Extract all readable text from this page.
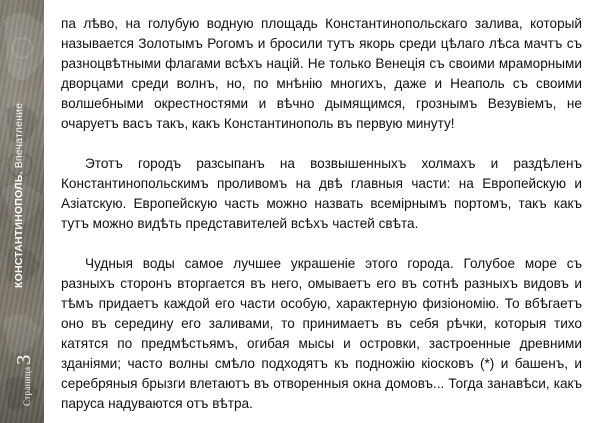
КОНСТАНТИНОПОЛЬ. Впечатление
Страница3

па лѣво, на голубую водную площадь Константинопольскаго залива, который называется Золотымъ Рогомъ и бросили тутъ якорь среди цѣлаго лѣса мачтъ съ разноцвѣтными флагами всѣхъ націй. Не только Венеція съ своими мраморными дворцами среди волнъ, но, по мнѣнію многихъ, даже и Неаполь съ своими волшебными окрестностями и вѣчно дымящимся, грознымъ Везувіемъ, не очаруетъ васъ такъ, какъ Константинополь въ первую минуту!

Этотъ городъ разсыпанъ на возвышенныхъ холмахъ и раздѣленъ Константинопольскимъ проливомъ на двѣ главныя части: на Европейскую и Азіатскую. Европейскую часть можно назвать всемірнымъ портомъ, такъ какъ тутъ можно видѣть представителей всѣхъ частей свѣта.

Чудныя воды самое лучшее украшеніе этого города. Голубое море съ разныхъ сторонъ вторгается въ него, омываетъ его въ сотнѣ разныхъ видовъ и тѣмъ придаетъ каждой его части особую, характерную физіономію. То вбѣгаетъ оно въ середину его заливами, то принимаетъ въ себя рѣчки, которыя тихо катятся по предмѣстьямъ, огибая мысы и островки, застроенные древними зданіями; часто волны смѣло подходятъ къ подножію кіосковъ (*) и башенъ, и серебряныя брызги влетаютъ въ отворенныя окна домовъ... Тогда занавѣси, какъ паруса надуваются отъ вѣтра.
